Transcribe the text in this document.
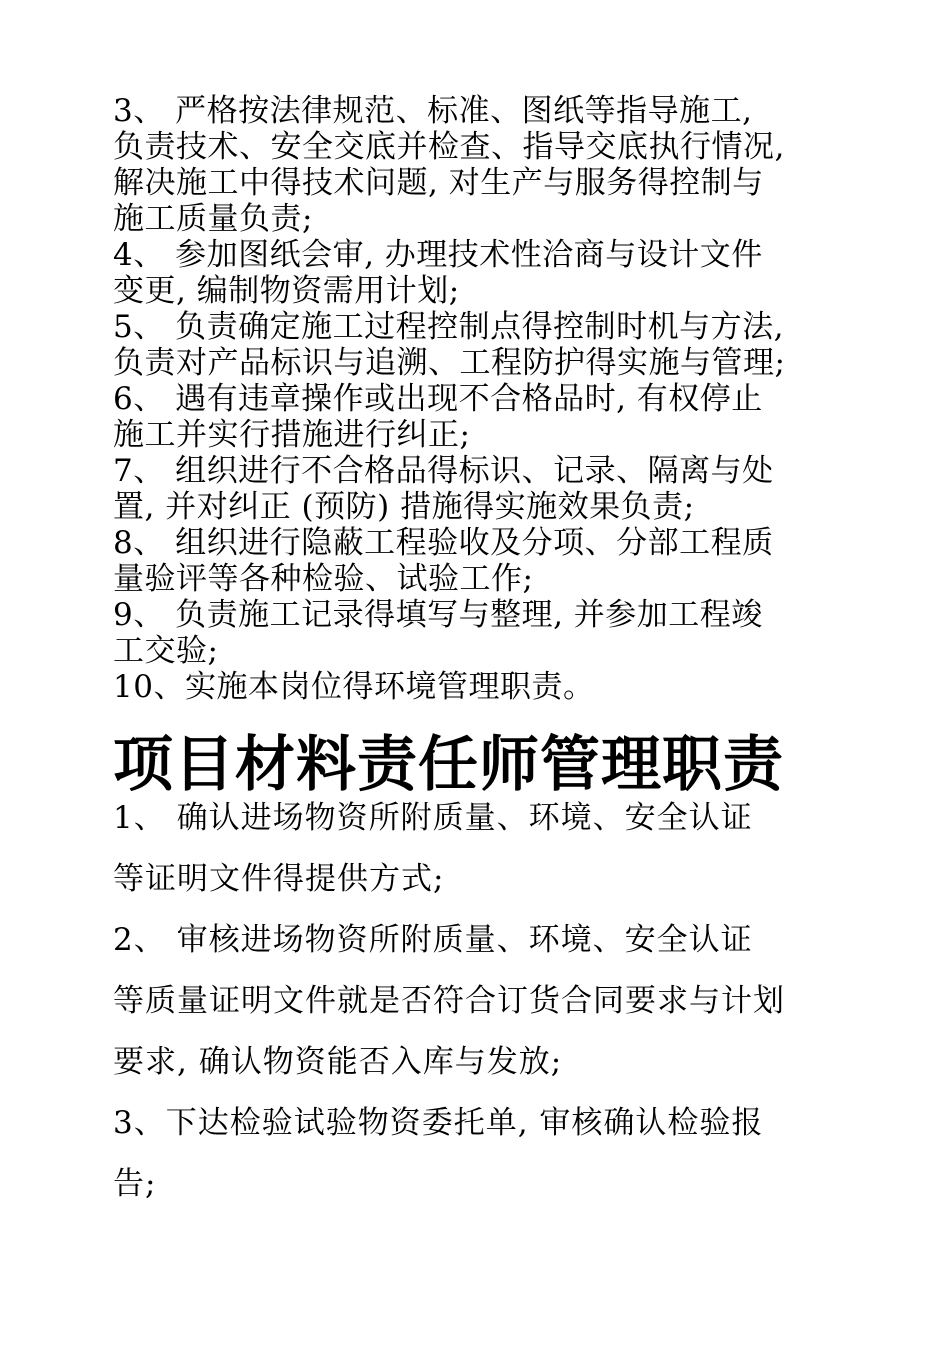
3、 严格按法律规范、标准、图纸等指导施工,

负责技术、安全交底并检查、指导交底执行情况,

解决施工中得技术问题, 对生产与服务得控制与

施工质量负责;

4、 参加图纸会审, 办理技术性洽商与设计文件

变更, 编制物资需用计划;

5、 负责确定施工过程控制点得控制时机与方法,

负责对产品标识与追溯、工程防护得实施与管理;

6、 遇有违章操作或出现不合格品时, 有权停止

施工并实行措施进行纠正;

7、 组织进行不合格品得标识、记录、隔离与处

置, 并对纠正 (预防) 措施得实施效果负责;

8、 组织进行隐蔽工程验收及分项、分部工程质

量验评等各种检验、试验工作;

9、 负责施工记录得填写与整理, 并参加工程竣

工交验;

10、实施本岗位得环境管理职责。

项目材料责任师管理职责

1、 确认进场物资所附质量、环境、安全认证

等证明文件得提供方式;

2、 审核进场物资所附质量、环境、安全认证

等质量证明文件就是否符合订货合同要求与计划

要求, 确认物资能否入库与发放;

3、下达检验试验物资委托单, 审核确认检验报

告;
